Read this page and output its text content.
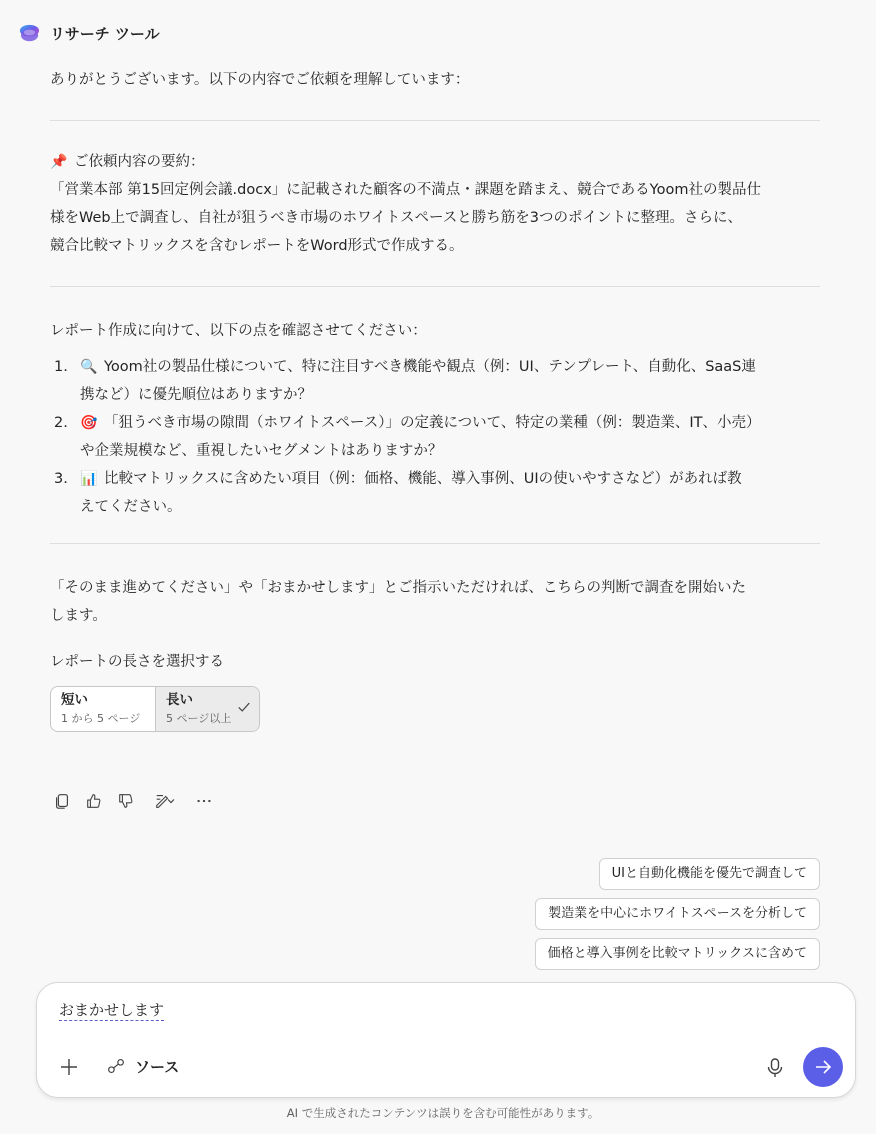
リサーチ ツール
ありがとうございます。以下の内容でご依頼を理解しています：
📌 ご依頼内容の要約：
「営業本部 第15回定例会議.docx」に記載された顧客の不満点・課題を踏まえ、競合であるYoom社の製品仕
様をWeb上で調査し、自社が狙うべき市場のホワイトスペースと勝ち筋を3つのポイントに整理。さらに、
競合比較マトリックスを含むレポートをWord形式で作成する。
レポート作成に向けて、以下の点を確認させてください：
1. 🔍 Yoom社の製品仕様について、特に注目すべき機能や観点（例：UI、テンプレート、自動化、SaaS連
携など）に優先順位はありますか？
2. 🎯 「狙うべき市場の隙間（ホワイトスペース）」の定義について、特定の業種（例：製造業、IT、小売）
や企業規模など、重視したいセグメントはありますか？
3. 📊 比較マトリックスに含めたい項目（例：価格、機能、導入事例、UIの使いやすさなど）があれば教
えてください。
「そのまま進めてください」や「おまかせします」とご指示いただければ、こちらの判断で調査を開始いた
します。
レポートの長さを選択する
短い
1 から 5 ページ
長い
5 ページ以上
UIと自動化機能を優先で調査して
製造業を中心にホワイトスペースを分析して
価格と導入事例を比較マトリックスに含めて
おまかせします
ソース
AI で生成されたコンテンツは誤りを含む可能性があります。
